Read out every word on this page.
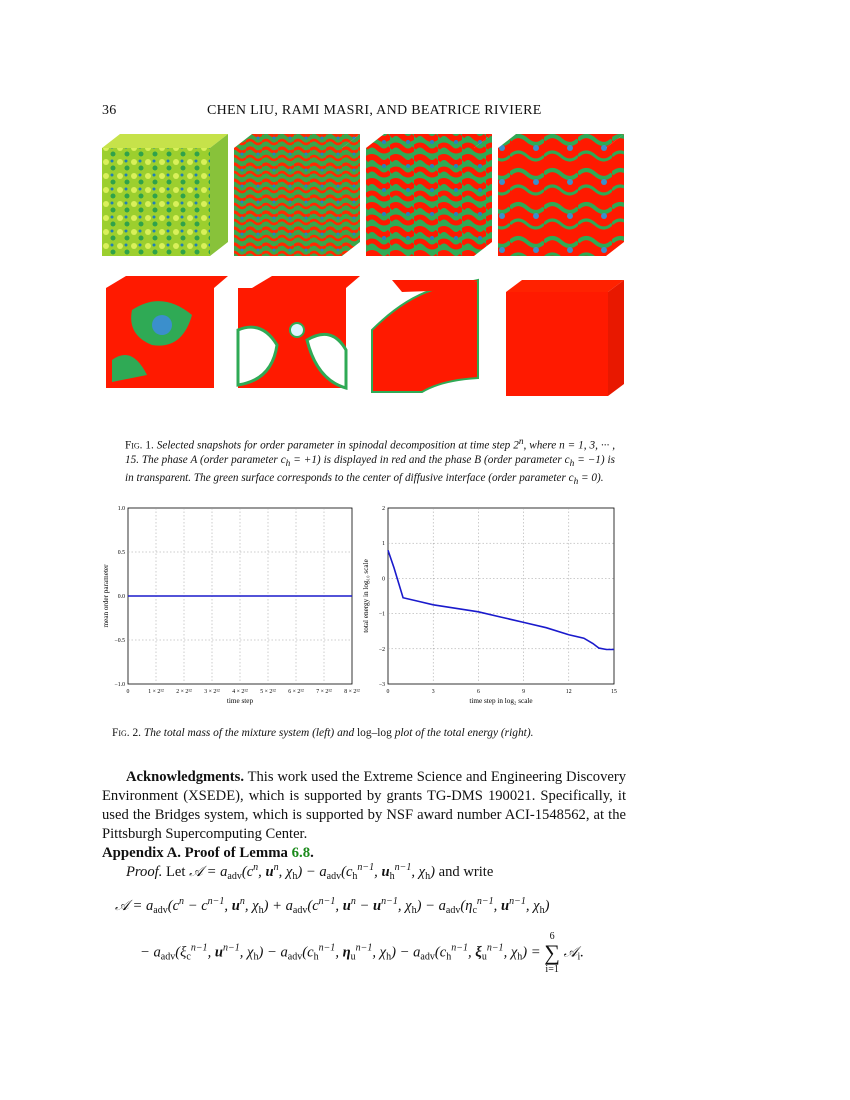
36	CHEN LIU, RAMI MASRI, AND BEATRICE RIVIERE
Fig. 1. Selected snapshots for order parameter in spinodal decomposition at time step 2$^n$, where n = 1, 3, ··· , 15. The phase A (order parameter $c_h = +1$) is displayed in red and the phase B (order parameter $c_h = -1$) is in transparent. The green surface corresponds to the center of diffusive interface (order parameter $c_h = 0$).
0	1 × 2¹² 2 × 2¹² 3 × 2¹² 4 × 2¹² 5 × 2¹² 6 × 2¹² 7 × 2¹² 8 × 2¹²
−1.0
−0.5
0.0
0.5
1.0
time step
mean order parameter
0	3	6	9	12	15
−3
−2
−1
0
1
2
time step in log₂ scale
total energy in log₁₀ scale
Fig. 2. The total mass of the mixture system (left) and log–log plot of the total energy (right).
Acknowledgments. This work used the Extreme Science and Engineering Discovery Environment (XSEDE), which is supported by grants TG-DMS 190021. Specifically, it used the Bridges system, which is supported by NSF award number ACI-1548562, at the Pittsburgh Supercomputing Center.
Appendix A. Proof of Lemma 6.8.
Proof. Let 𝒜 = $a_{adv}(c^n$, $u^n$, $\chi_h) - a_{adv}(c_h^{n-1}$, $u_h^{n-1}$, $\chi_h$) and write
𝒜 = $a_{adv}(c^n - c^{n-1}$, $u^n$, $\chi_h) + a_{adv}(c^{n-1}$, $u^n - u^{n-1}$, $\chi_h) - a_{adv}(\eta_c^{n-1}$, $u^{n-1}$, $\chi_h$)
− $a_{adv}(\xi_c^{n-1}$, $u^{n-1}$, $\chi_h) - a_{adv}(c_h^{n-1}$, $\eta_u^{n-1}$, $\chi_h) - a_{adv}(c_h^{n-1}$, $\xi_u^{n-1}$, $\chi_h$) =
6
∑
i=1
𝒜$_i$.
